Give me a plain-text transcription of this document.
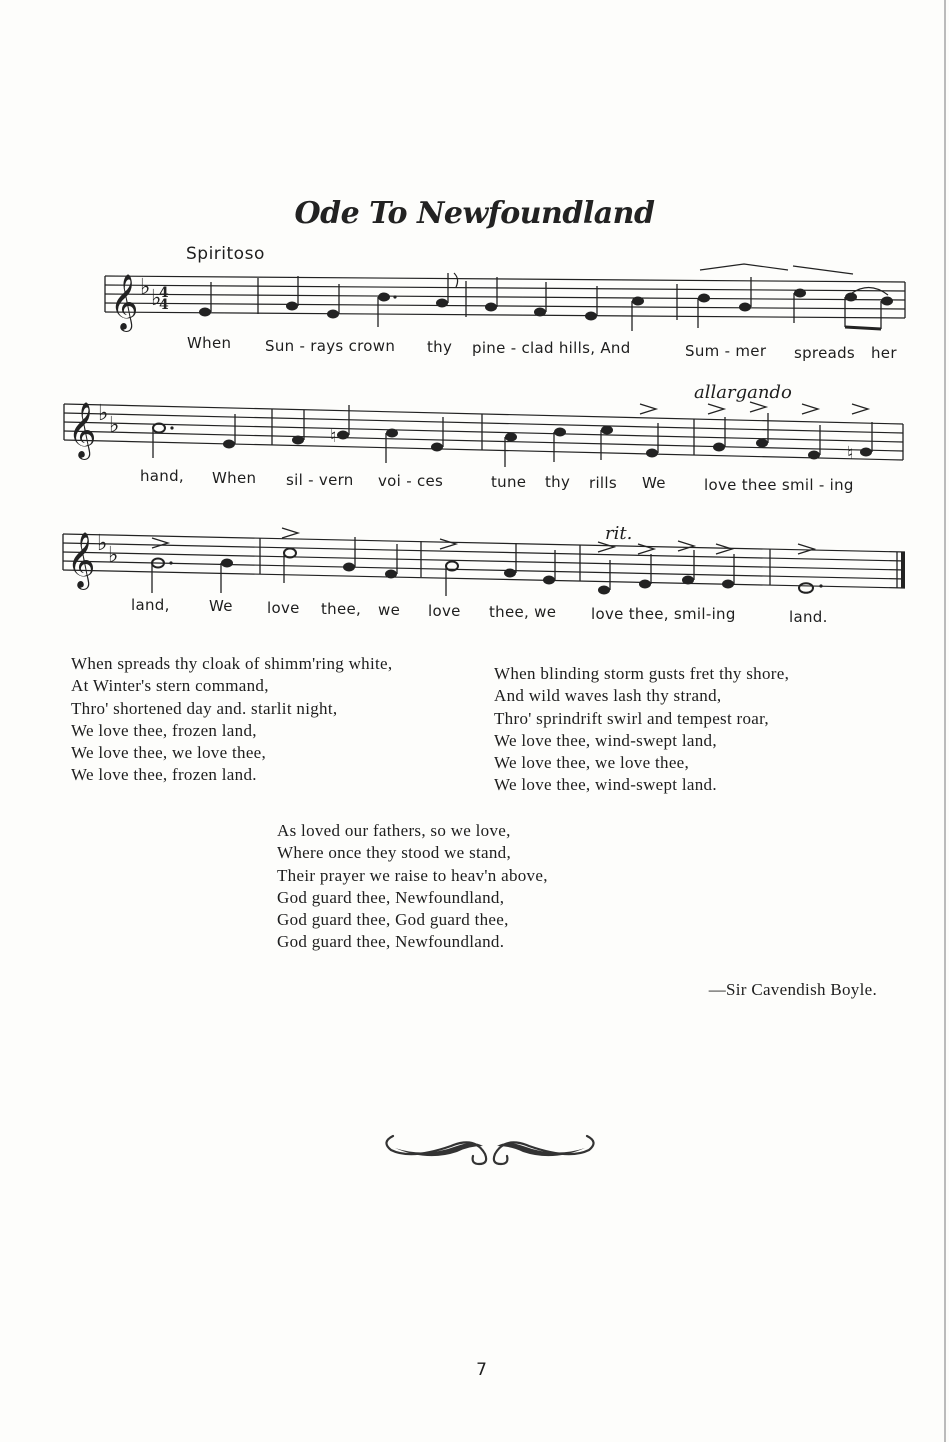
Ode To Newfoundland
Spiritoso
allargando
rit.
𝄞 ♭ ♭
4
4
𝄞 ♭ ♭
𝄞 ♭ ♭
♮
♮
When Sun - rays crown thy pine - clad hills, And	Sum - mer spreads her
hand, When sil - vern voi - ces	tune thy rills We	love thee smil - ing
land,	We love thee, we love thee, we love thee, smil-ing	land.
When spreads thy cloak of shimm'ring white,
At Winter's stern command,
Thro' shortened day and. starlit night,
We love thee, frozen land,
We love thee, we love thee,
We love thee, frozen land.
When blinding storm gusts fret thy shore,
And wild waves lash thy strand,
Thro' sprindrift swirl and tempest roar,
We love thee, wind-swept land,
We love thee, we love thee,
We love thee, wind-swept land.
As loved our fathers, so we love,
Where once they stood we stand,
Their prayer we raise to heav'n above,
God guard thee, Newfoundland,
God guard thee, God guard thee,
God guard thee, Newfoundland.
—Sir Cavendish Boyle.
7
